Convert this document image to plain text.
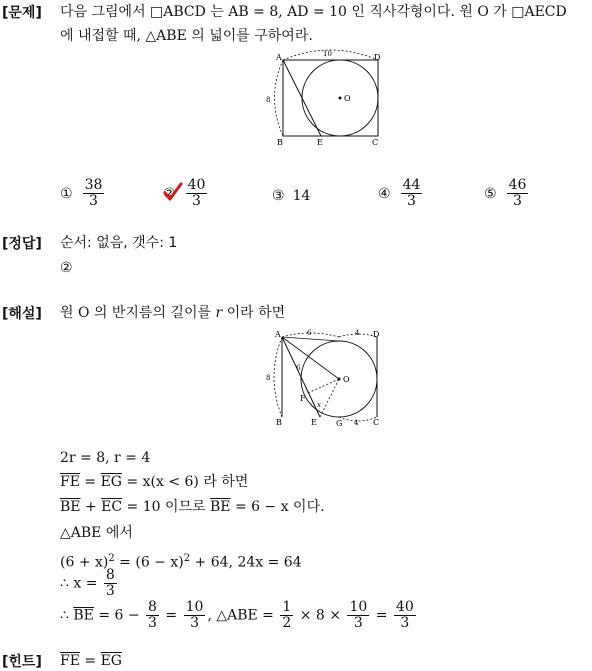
[문제] 다음 그림에서 □ABCD 는 AB = 8, AD = 10 인 직사각형이다. 원 O 가 □AECD
에 내접할 때, △ABE 의 넓이를 구하여라.
A	D
B	C
E
O
10
8
① $\frac{38}{3}$	② $\frac{40}{3}$	③ 14	④ $\frac{44}{3}$	⑤ $\frac{46}{3}$
[정답] 순서: 없음, 갯수: 1
②
[해설] 원 O 의 반지름의 길이를 r 이라 하면
A	D
B	C
E
F
G
O
6	4
8
6
4
x
2r = 8, r = 4
$\overline{FE} = \overline{EG} = x(x < 6)$ 라 하면
$\overline{BE} + \overline{EC} = 10$ 이므로 $\overline{BE} = 6 - x$ 이다.
△ABE 에서
$(6 + x)^2 = (6 - x)^2 + 64$, 24x = 64
∴ $x = \frac{8}{3}$
∴ $\overline{BE} = 6 - \frac{8}{3} = \frac{10}{3}$ , △ABE = $\frac{1}{2} \times 8 \times \frac{10}{3} = \frac{40}{3}$
[힌트] $\overline{FE} = \overline{EG}$
